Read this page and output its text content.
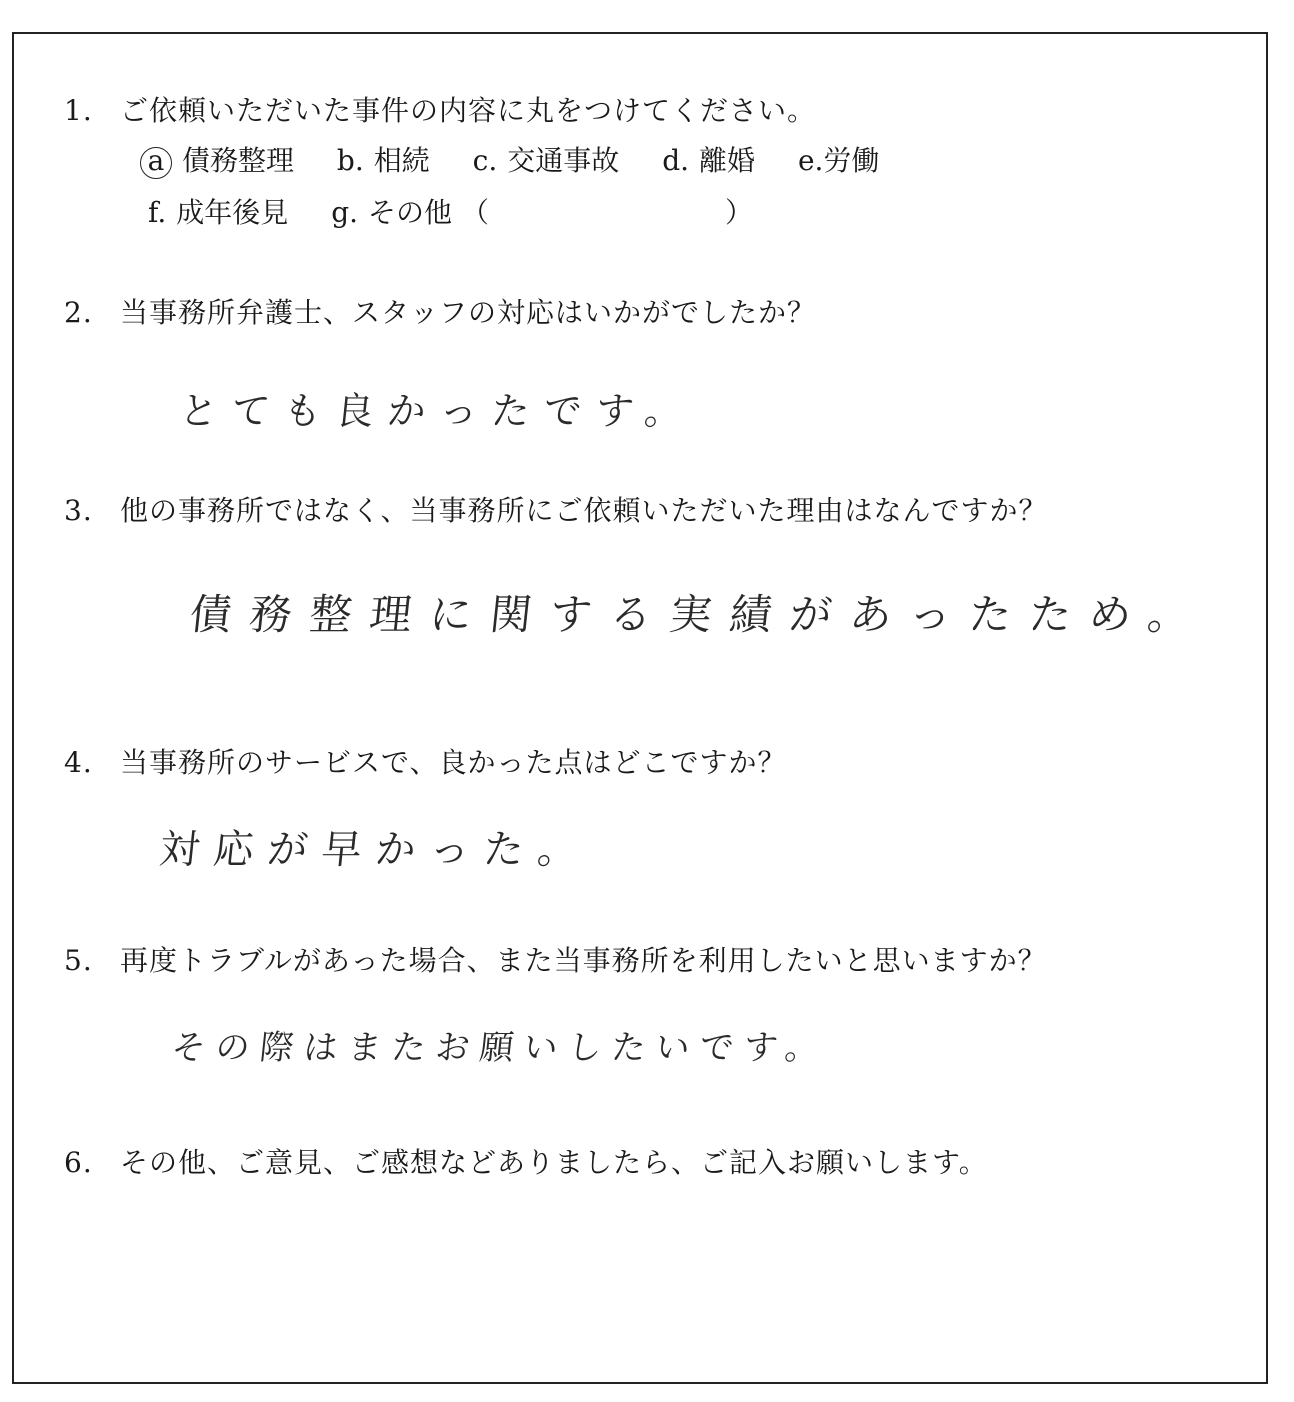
1. ご依頼いただいた事件の内容に丸をつけてください。
a 債務整理 b. 相続 c. 交通事故 d. 離婚 e.労働
f. 成年後見 g. その他 （	）
2. 当事務所弁護士、スタッフの対応はいかがでしたか？
とても良かったです。
3. 他の事務所ではなく、当事務所にご依頼いただいた理由はなんですか？
債務整理に関する実績があったため。
4. 当事務所のサービスで、良かった点はどこですか？
対応が早かった。
5. 再度トラブルがあった場合、また当事務所を利用したいと思いますか？
その際はまたお願いしたいです。
6. その他、ご意見、ご感想などありましたら、ご記入お願いします。
